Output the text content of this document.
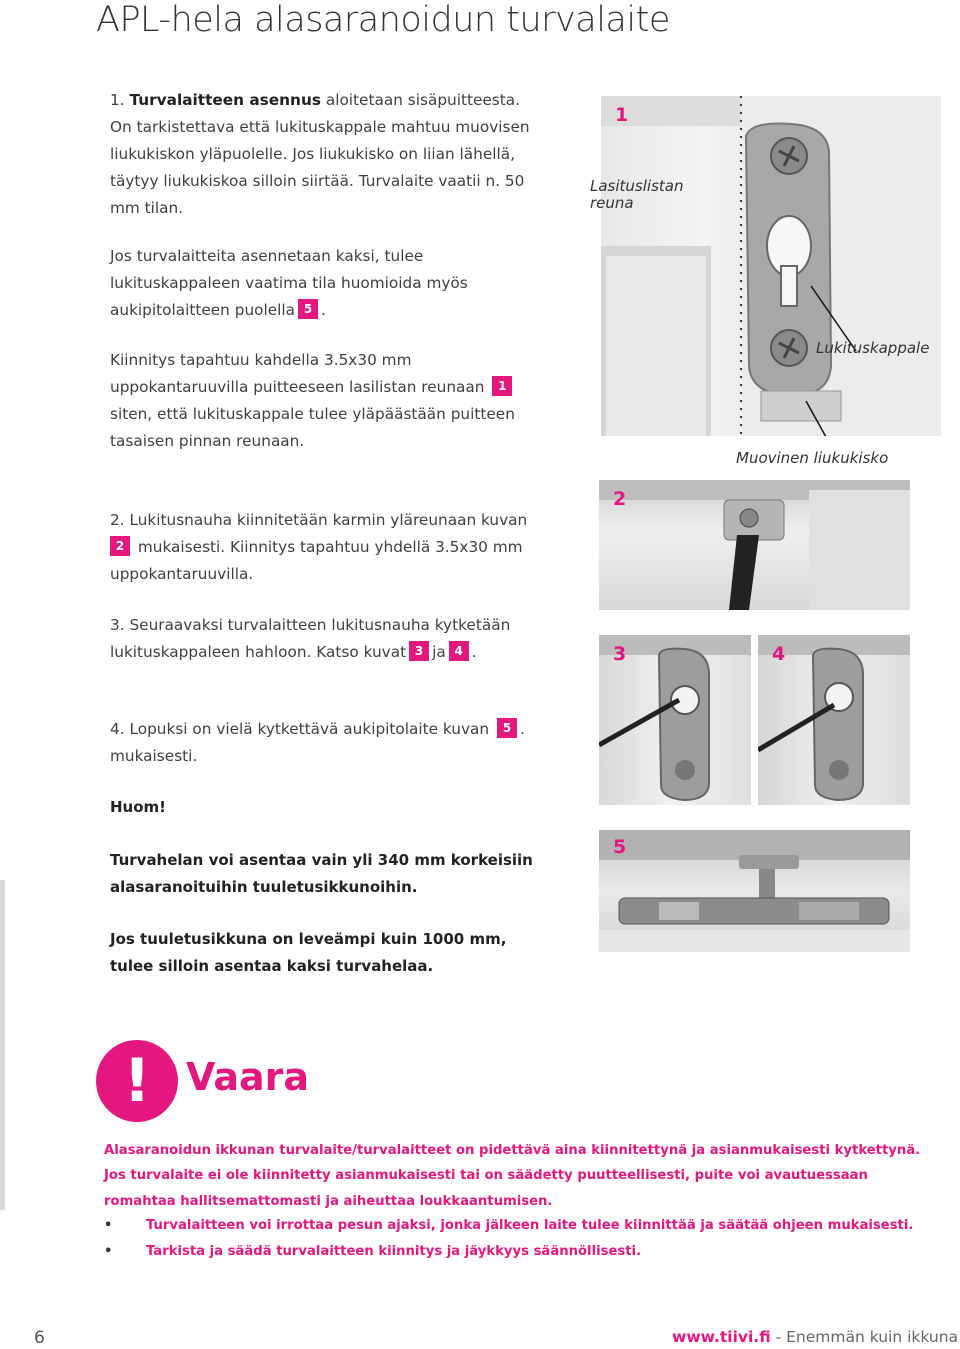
APL-hela alasaranoidun turvalaite
1. Turvalaitteen asennus aloitetaan sisäpuitteesta. On tarkistettava että lukituskappale mahtuu muovisen liukukiskon yläpuolelle. Jos liukukisko on liian lähellä, täytyy liukukiskoa silloin siirtää. Turvalaite vaatii n. 50 mm tilan.
Jos turvalaitteita asennetaan kaksi, tulee lukituskappaleen vaatima tila huomioida myös aukipitolaitteen puolella 5 .
Kiinnitys tapahtuu kahdella 3.5x30 mm uppokantaruuvilla puitteeseen lasilistan reunaan 1 siten, että lukituskappale tulee yläpäästään puitteen tasaisen pinnan reunaan.
2. Lukitusnauha kiinnitetään karmin yläreunaan kuvan 2 mukaisesti. Kiinnitys tapahtuu yhdellä 3.5x30 mm uppokantaruuvilla.
3. Seuraavaksi turvalaitteen lukitusnauha kytketään lukituskappaleen hahloon. Katso kuvat 3 ja 4 .
4. Lopuksi on vielä kytkettävä aukipitolaite kuvan 5 . mukaisesti.
Huom!
Turvahelan voi asentaa vain yli 340 mm korkeisiin alasaranoituihin tuuletusikkunoihin.
Jos tuuletusikkuna on leveämpi kuin 1000 mm, tulee silloin asentaa kaksi turvahelaa.
1
Lasituslistan reuna
Lukituskappale
Muovinen liukukisko
2
3	4
5
! Vaara
Alasaranoidun ikkunan turvalaite/turvalaitteet on pidettävä aina kiinnitettynä ja asianmukaisesti kytkettynä.
Jos turvalaite ei ole kiinnitetty asianmukaisesti tai on säädetty puutteellisesti, puite voi avautuessaan romahtaa hallitsemattomasti ja aiheuttaa loukkaantumisen.
•	Turvalaitteen voi irrottaa pesun ajaksi, jonka jälkeen laite tulee kiinnittää ja säätää ohjeen mukaisesti.
•	Tarkista ja säädä turvalaitteen kiinnitys ja jäykkyys säännöllisesti.
6	www.tiivi.fi - Enemmän kuin ikkuna
